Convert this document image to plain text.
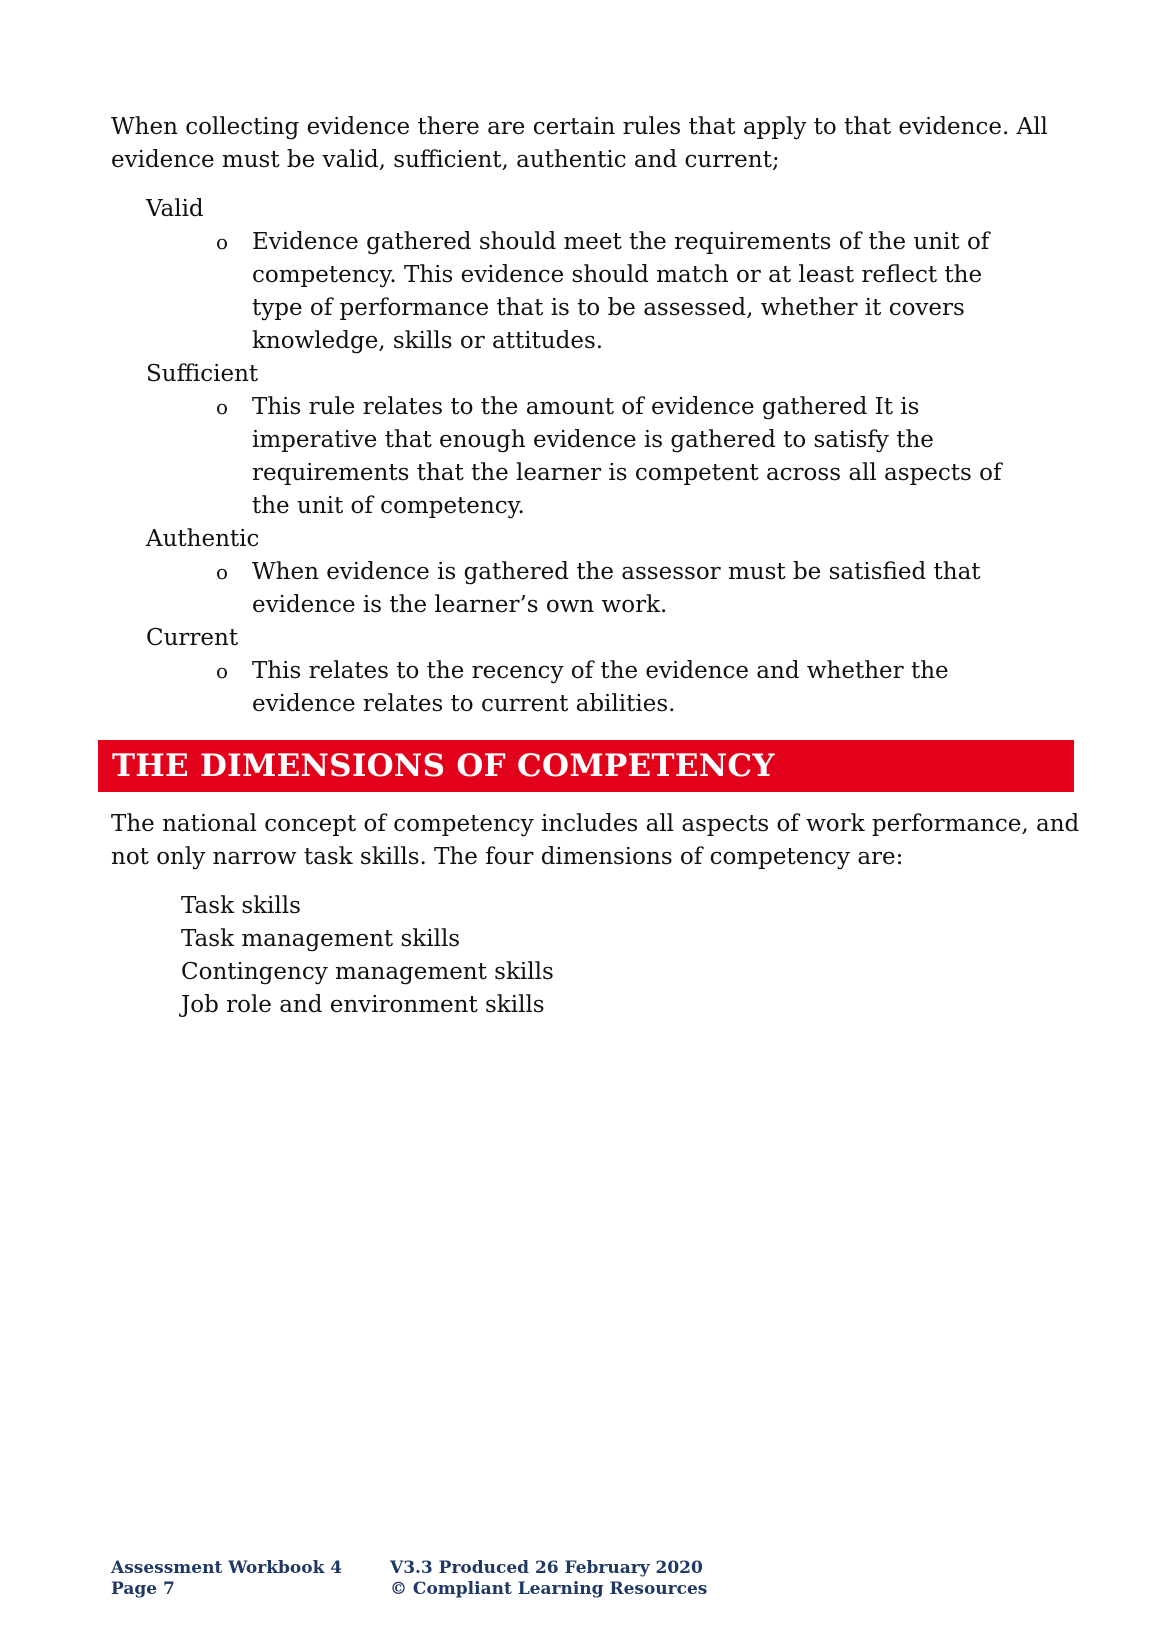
When collecting evidence there are certain rules that apply to that evidence. All evidence must be valid, sufficient, authentic and current;

Valid

o Evidence gathered should meet the requirements of the unit of competency. This evidence should match or at least reflect the type of performance that is to be assessed, whether it covers knowledge, skills or attitudes.

Sufficient

o This rule relates to the amount of evidence gathered It is imperative that enough evidence is gathered to satisfy the requirements that the learner is competent across all aspects of the unit of competency.

Authentic

o When evidence is gathered the assessor must be satisfied that evidence is the learner’s own work.

Current

o This relates to the recency of the evidence and whether the evidence relates to current abilities.

THE DIMENSIONS OF COMPETENCY

The national concept of competency includes all aspects of work performance, and not only narrow task skills. The four dimensions of competency are:

Task skills
Task management skills
Contingency management skills
Job role and environment skills
Assessment Workbook 4
Page 7
V3.3 Produced 26 February 2020
© Compliant Learning Resources
